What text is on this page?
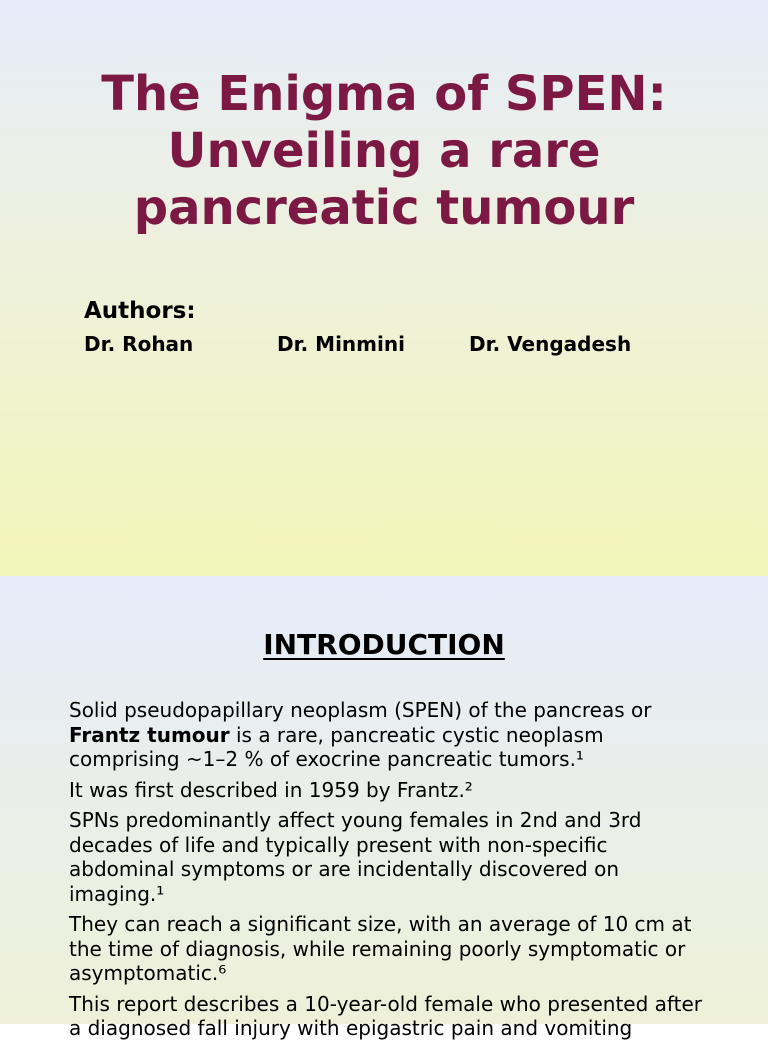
The Enigma of SPEN:
Unveiling a rare
pancreatic tumour

Authors:

Dr. Rohan	Dr. Minmini	Dr. Vengadesh

INTRODUCTION
Solid pseudopapillary neoplasm (SPEN) of the pancreas or Frantz tumour is a rare, pancreatic cystic neoplasm comprising ~1–2 % of exocrine pancreatic tumors.¹
It was first described in 1959 by Frantz.²
SPNs predominantly affect young females in 2nd and 3rd decades of life and typically present with non-specific abdominal symptoms or are incidentally discovered on imaging.¹
They can reach a significant size, with an average of 10 cm at the time of diagnosis, while remaining poorly symptomatic or asymptomatic.⁶
This report describes a 10-year-old female who presented after a diagnosed fall injury with epigastric pain and vomiting
